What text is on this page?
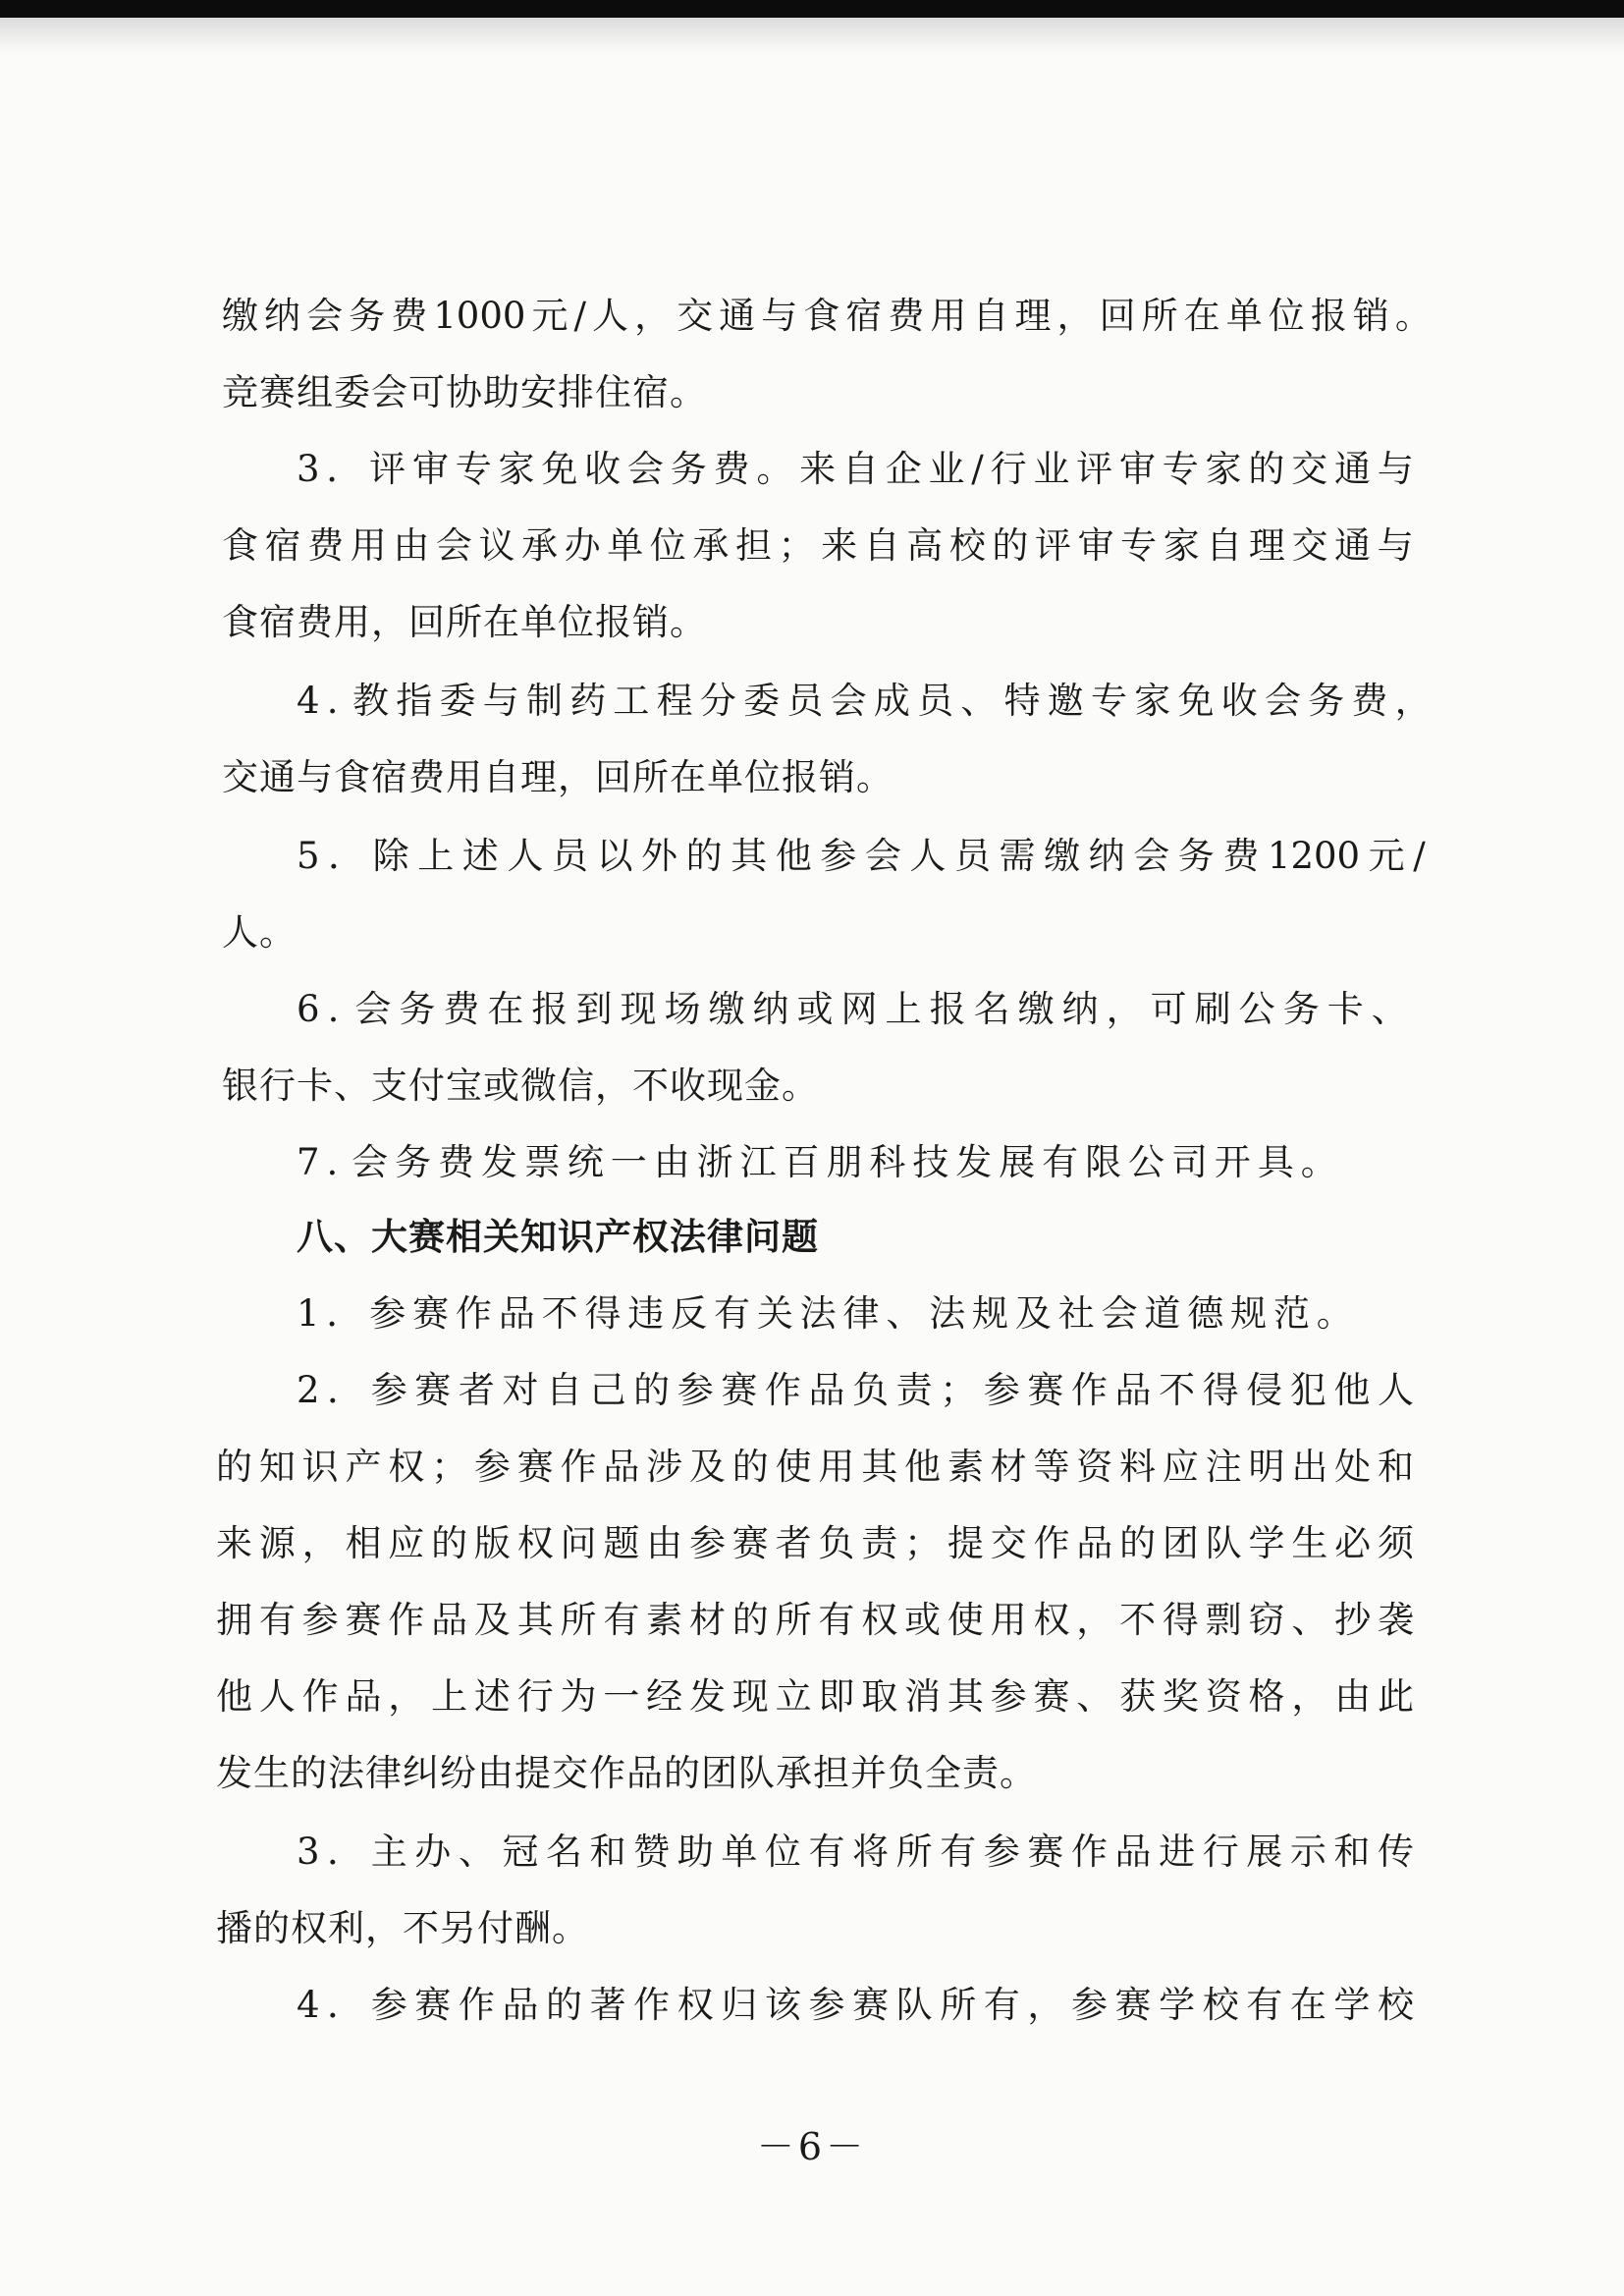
缴 纳 会 务 费 1000 元 / 人 ， 交 通 与 食 宿 费 用 自 理 ， 回 所 在 单 位 报 销 。
竞赛组委会可协助安排住宿。
3 ． 评 审 专 家 免 收 会 务 费 。 来 自 企 业 / 行 业 评 审 专 家 的 交 通 与
食 宿 费 用 由 会 议 承 办 单 位 承 担 ； 来 自 高 校 的 评 审 专 家 自 理 交 通 与
食宿费用，回所在单位报销。
4 . 教 指 委 与 制 药 工 程 分 委 员 会 成 员 、 特 邀 专 家 免 收 会 务 费 ，
交通与食宿费用自理，回所在单位报销。
5 ． 除 上 述 人 员 以 外 的 其 他 参 会 人 员 需 缴 纳 会 务 费 1200 元 /
人。
6 . 会 务 费 在 报 到 现 场 缴 纳 或 网 上 报 名 缴 纳 ， 可 刷 公 务 卡 、
银行卡、支付宝或微信，不收现金。
7 . 会 务 费 发 票 统 一 由 浙 江 百 朋 科 技 发 展 有 限 公 司 开 具 。
八、大赛相关知识产权法律问题
1 ． 参 赛 作 品 不 得 违 反 有 关 法 律 、 法 规 及 社 会 道 德 规 范 。
2 ． 参 赛 者 对 自 己 的 参 赛 作 品 负 责 ； 参 赛 作 品 不 得 侵 犯 他 人
的 知 识 产 权 ； 参 赛 作 品 涉 及 的 使 用 其 他 素 材 等 资 料 应 注 明 出 处 和
来 源 ， 相 应 的 版 权 问 题 由 参 赛 者 负 责 ； 提 交 作 品 的 团 队 学 生 必 须
拥 有 参 赛 作 品 及 其 所 有 素 材 的 所 有 权 或 使 用 权 ， 不 得 剽 窃 、 抄 袭
他 人 作 品 ， 上 述 行 为 一 经 发 现 立 即 取 消 其 参 赛 、 获 奖 资 格 ， 由 此
发生的法律纠纷由提交作品的团队承担并负全责。
3 ． 主 办 、 冠 名 和 赞 助 单 位 有 将 所 有 参 赛 作 品 进 行 展 示 和 传
播的权利，不另付酬。
4 ． 参 赛 作 品 的 著 作 权 归 该 参 赛 队 所 有 ， 参 赛 学 校 有 在 学 校
－6－
